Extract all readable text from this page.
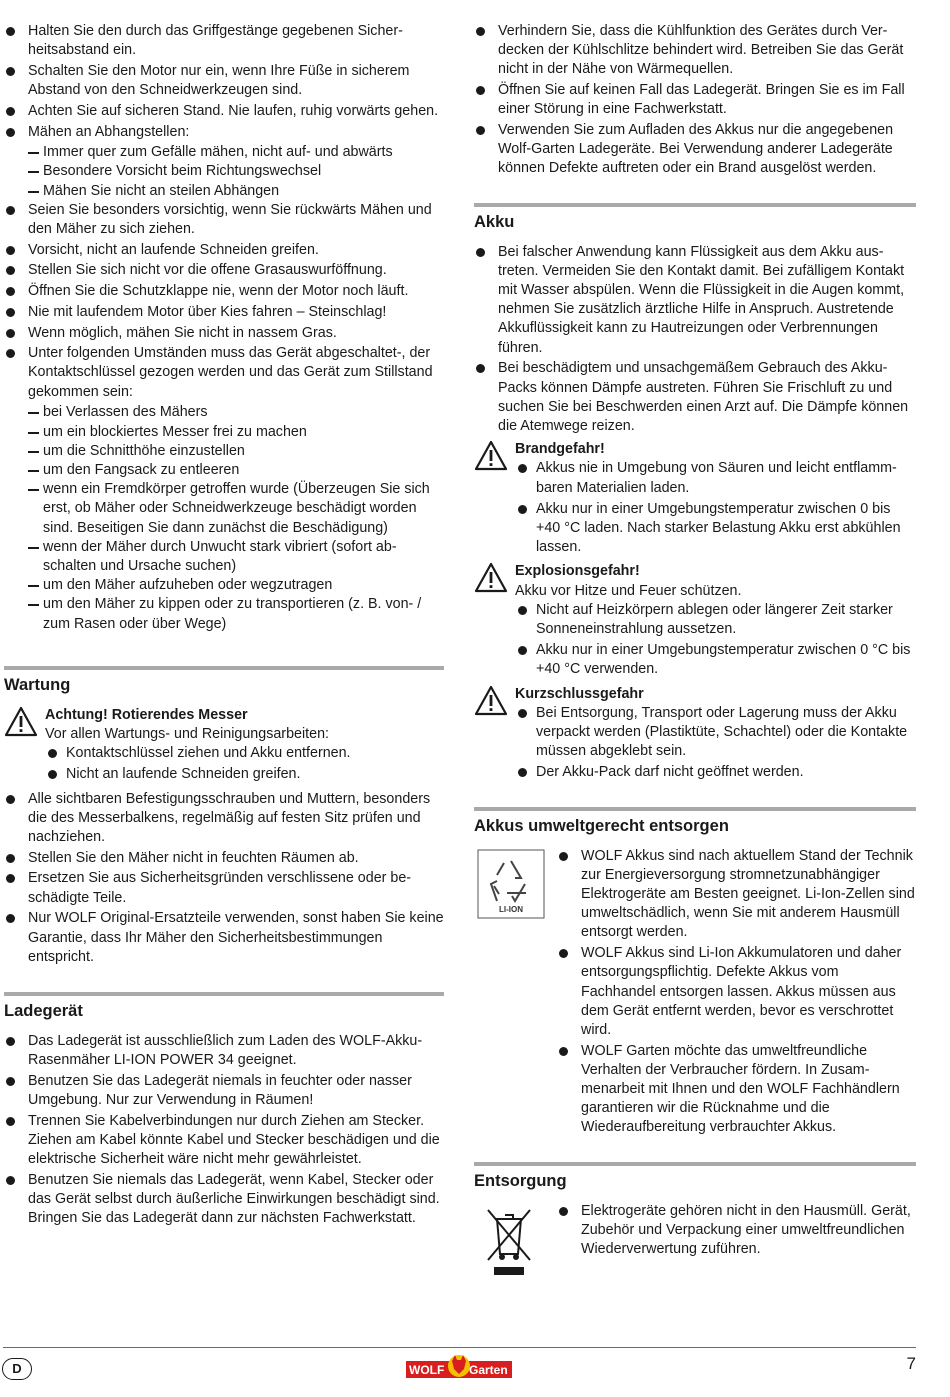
Halten Sie den durch das Griffgestänge gegebenen Sicherheitsabstand ein.
Schalten Sie den Motor nur ein, wenn Ihre Füße in sicherem Abstand von den Schneidwerkzeugen sind.
Achten Sie auf sicheren Stand. Nie laufen, ruhig vorwärts gehen.
Mähen an Abhangstellen:
Immer quer zum Gefälle mähen, nicht auf- und abwärts
Besondere Vorsicht beim Richtungswechsel
Mähen Sie nicht an steilen Abhängen
Seien Sie besonders vorsichtig, wenn Sie rückwärts Mähen und den Mäher zu sich ziehen.
Vorsicht, nicht an laufende Schneiden greifen.
Stellen Sie sich nicht vor die offene Grasauswurföffnung.
Öffnen Sie die Schutzklappe nie, wenn der Motor noch läuft.
Nie mit laufendem Motor über Kies fahren – Steinschlag!
Wenn möglich, mähen Sie nicht in nassem Gras.
Unter folgenden Umständen muss das Gerät abgeschaltet-, der Kontaktschlüssel gezogen werden und das Gerät zum Stillstand gekommen sein:
bei Verlassen des Mähers
um ein blockiertes Messer frei zu machen
um die Schnitthöhe einzustellen
um den Fangsack zu entleeren
wenn ein Fremdkörper getroffen wurde (Überzeugen Sie sich erst, ob Mäher oder Schneidwerkzeuge beschädigt worden sind. Beseitigen Sie dann zunächst die Beschädigung)
wenn der Mäher durch Unwucht stark vibriert (sofort abschalten und Ursache suchen)
um den Mäher aufzuheben oder wegzutragen
um den Mäher zu kippen oder zu transportieren (z. B. von- / zum Rasen oder über Wege)
Wartung
Achtung! Rotierendes Messer
Vor allen Wartungs- und Reinigungsarbeiten:
Kontaktschlüssel ziehen und Akku entfernen.
Nicht an laufende Schneiden greifen.
Alle sichtbaren Befestigungsschrauben und Muttern, besonders die des Messerbalkens, regelmäßig auf festen Sitz prüfen und nachziehen.
Stellen Sie den Mäher nicht in feuchten Räumen ab.
Ersetzen Sie aus Sicherheitsgründen verschlissene oder beschädigte Teile.
Nur WOLF Original-Ersatzteile verwenden, sonst haben Sie keine Garantie, dass Ihr Mäher den Sicherheitsbestimmungen entspricht.
Ladegerät
Das Ladegerät ist ausschließlich zum Laden des WOLF-Akku-Rasenmäher LI-ION POWER 34 geeignet.
Benutzen Sie das Ladegerät niemals in feuchter oder nasser Umgebung. Nur zur Verwendung in Räumen!
Trennen Sie Kabelverbindungen nur durch Ziehen am Stecker. Ziehen am Kabel könnte Kabel und Stecker beschädigen und die elektrische Sicherheit wäre nicht mehr gewährleistet.
Benutzen Sie niemals das Ladegerät, wenn Kabel, Stecker oder das Gerät selbst durch äußerliche Einwirkungen beschädigt sind. Bringen Sie das Ladegerät dann zur nächsten Fachwerkstatt.
Verhindern Sie, dass die Kühlfunktion des Gerätes durch Verdecken der Kühlschlitze behindert wird. Betreiben Sie das Gerät nicht in der Nähe von Wärmequellen.
Öffnen Sie auf keinen Fall das Ladegerät. Bringen Sie es im Fall einer Störung in eine Fachwerkstatt.
Verwenden Sie zum Aufladen des Akkus nur die angegebenen Wolf-Garten Ladegeräte. Bei Verwendung anderer Ladegeräte können Defekte auftreten oder ein Brand ausgelöst werden.
Akku
Bei falscher Anwendung kann Flüssigkeit aus dem Akku austreten. Vermeiden Sie den Kontakt damit. Bei zufälligem Kontakt mit Wasser abspülen. Wenn die Flüssigkeit in die Augen kommt, nehmen Sie zusätzlich ärztliche Hilfe in Anspruch. Austretende Akkuflüssigkeit kann zu Hautreizungen oder Verbrennungen führen.
Bei beschädigtem und unsachgemäßem Gebrauch des Akku-Packs können Dämpfe austreten. Führen Sie Frischluft zu und suchen Sie bei Beschwerden einen Arzt auf. Die Dämpfe können die Atemwege reizen.
Brandgefahr!
Akkus nie in Umgebung von Säuren und leicht entflammbaren Materialien laden.
Akku nur in einer Umgebungstemperatur zwischen 0 bis +40 °C laden. Nach starker Belastung Akku erst abkühlen lassen.
Explosionsgefahr!
Akku vor Hitze und Feuer schützen.
Nicht auf Heizkörpern ablegen oder längerer Zeit starker Sonneneinstrahlung aussetzen.
Akku nur in einer Umgebungstemperatur zwischen 0 °C bis +40 °C verwenden.
Kurzschlussgefahr
Bei Entsorgung, Transport oder Lagerung muss der Akku verpackt werden (Plastiktüte, Schachtel) oder die Kontakte müssen abgeklebt sein.
Der Akku-Pack darf nicht geöffnet werden.
Akkus umweltgerecht entsorgen
LI-ION
WOLF Akkus sind nach aktuellem Stand der Technik zur Energieversorgung stromnetzunabhängiger Elektrogeräte am Besten geeignet. Li-Ion-Zellen sind umweltschädlich, wenn Sie mit anderem Hausmüll entsorgt werden.
WOLF Akkus sind Li-Ion Akkumulatoren und daher entsorgungspflichtig. Defekte Akkus vom Fachhandel entsorgen lassen. Akkus müssen aus dem Gerät entfernt werden, bevor es verschrottet wird.
WOLF Garten möchte das umweltfreundliche Verhalten der Verbraucher fördern. In Zusammenarbeit mit Ihnen und den WOLF Fachhändlern garantieren wir die Rücknahme und die Wiederaufbereitung verbrauchter Akkus.
Entsorgung
Elektrogeräte gehören nicht in den Hausmüll. Gerät, Zubehör und Verpackung einer umweltfreundlichen Wiederverwertung zuführen.
D	WOLF Garten	7
